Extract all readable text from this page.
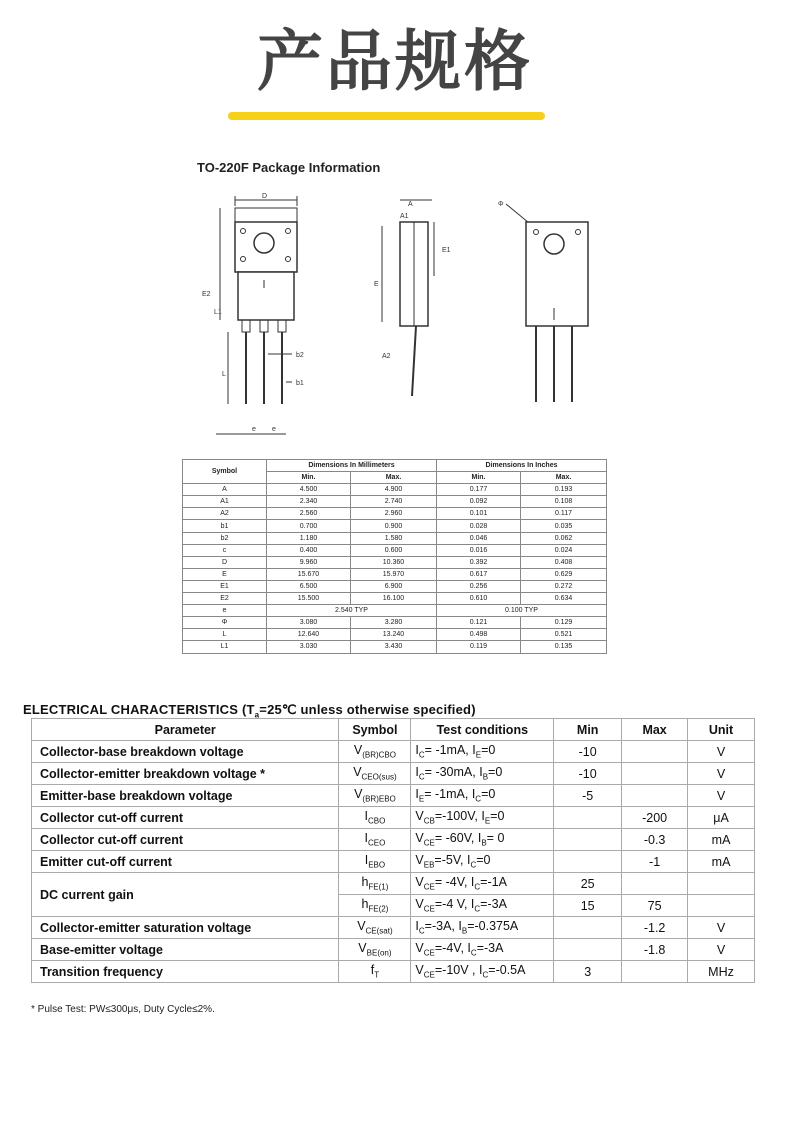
产品规格
TO-220F Package Information
D
E2
L1
L
b2
b1
e e
A
A1
E
E1
A2
Φ
Symbol	Dimensions In Millimeters		Dimensions In Inches	
	Min.	Max.	Min.	Max.
A	4.500	4.900	0.177	0.193
A1	2.340	2.740	0.092	0.108
A2	2.560	2.960	0.101	0.117
b1	0.700	0.900	0.028	0.035
b2	1.180	1.580	0.046	0.062
c	0.400	0.600	0.016	0.024
D	9.960	10.360	0.392	0.408
E	15.670	15.970	0.617	0.629
E1	6.500	6.900	0.256	0.272
E2	15.500	16.100	0.610	0.634
e	2.540 TYP		0.100 TYP	
Φ	3.080	3.280	0.121	0.129
L	12.640	13.240	0.498	0.521
L1	3.030	3.430	0.119	0.135
ELECTRICAL CHARACTERISTICS ($T_a=25℃$ unless otherwise specified)
Parameter	Symbol	Test conditions	Min	Max	Unit
Collector-base breakdown voltage	$V_{(BR)CBO}$	$I_C= -1mA$, $I_E=0$	-10		V
Collector-emitter breakdown voltage *	$V_{CEO(sus)}$	$I_C= -30mA$, $I_B=0$	-10		V
Emitter-base breakdown voltage	$V_{(BR)EBO}$	$I_E= -1mA$, $I_C=0$	-5		V
Collector cut-off current	$I_{CBO}$	$V_{CB}=-100V$, $I_E=0$		-200	μA
Collector cut-off current	$I_{CEO}$	$V_{CE}= -60V$, $I_B= 0$		-0.3	mA
Emitter cut-off current	$I_{EBO}$	$V_{EB}=-5V$, $I_C=0$		-1	mA
DC current gain	$h_{FE(1)}$	$V_{CE}= -4V$, $I_C=-1A$	25		
	$h_{FE(2)}$	$V_{CE}=-4$ V, $I_C=-3A$	15	75	
Collector-emitter saturation voltage	$V_{CE(sat)}$	$I_C=-3A$, $I_B=-0.375A$		-1.2	V
Base-emitter voltage	$V_{BE(on)}$	$V_{CE}=-4V$, $I_C=-3A$		-1.8	V
Transition frequency	$f_T$	$V_{CE}=-10V$ , $I_C=-0.5A$	3		MHz
* Pulse Test: PW≤300μs, Duty Cycle≤2%.
